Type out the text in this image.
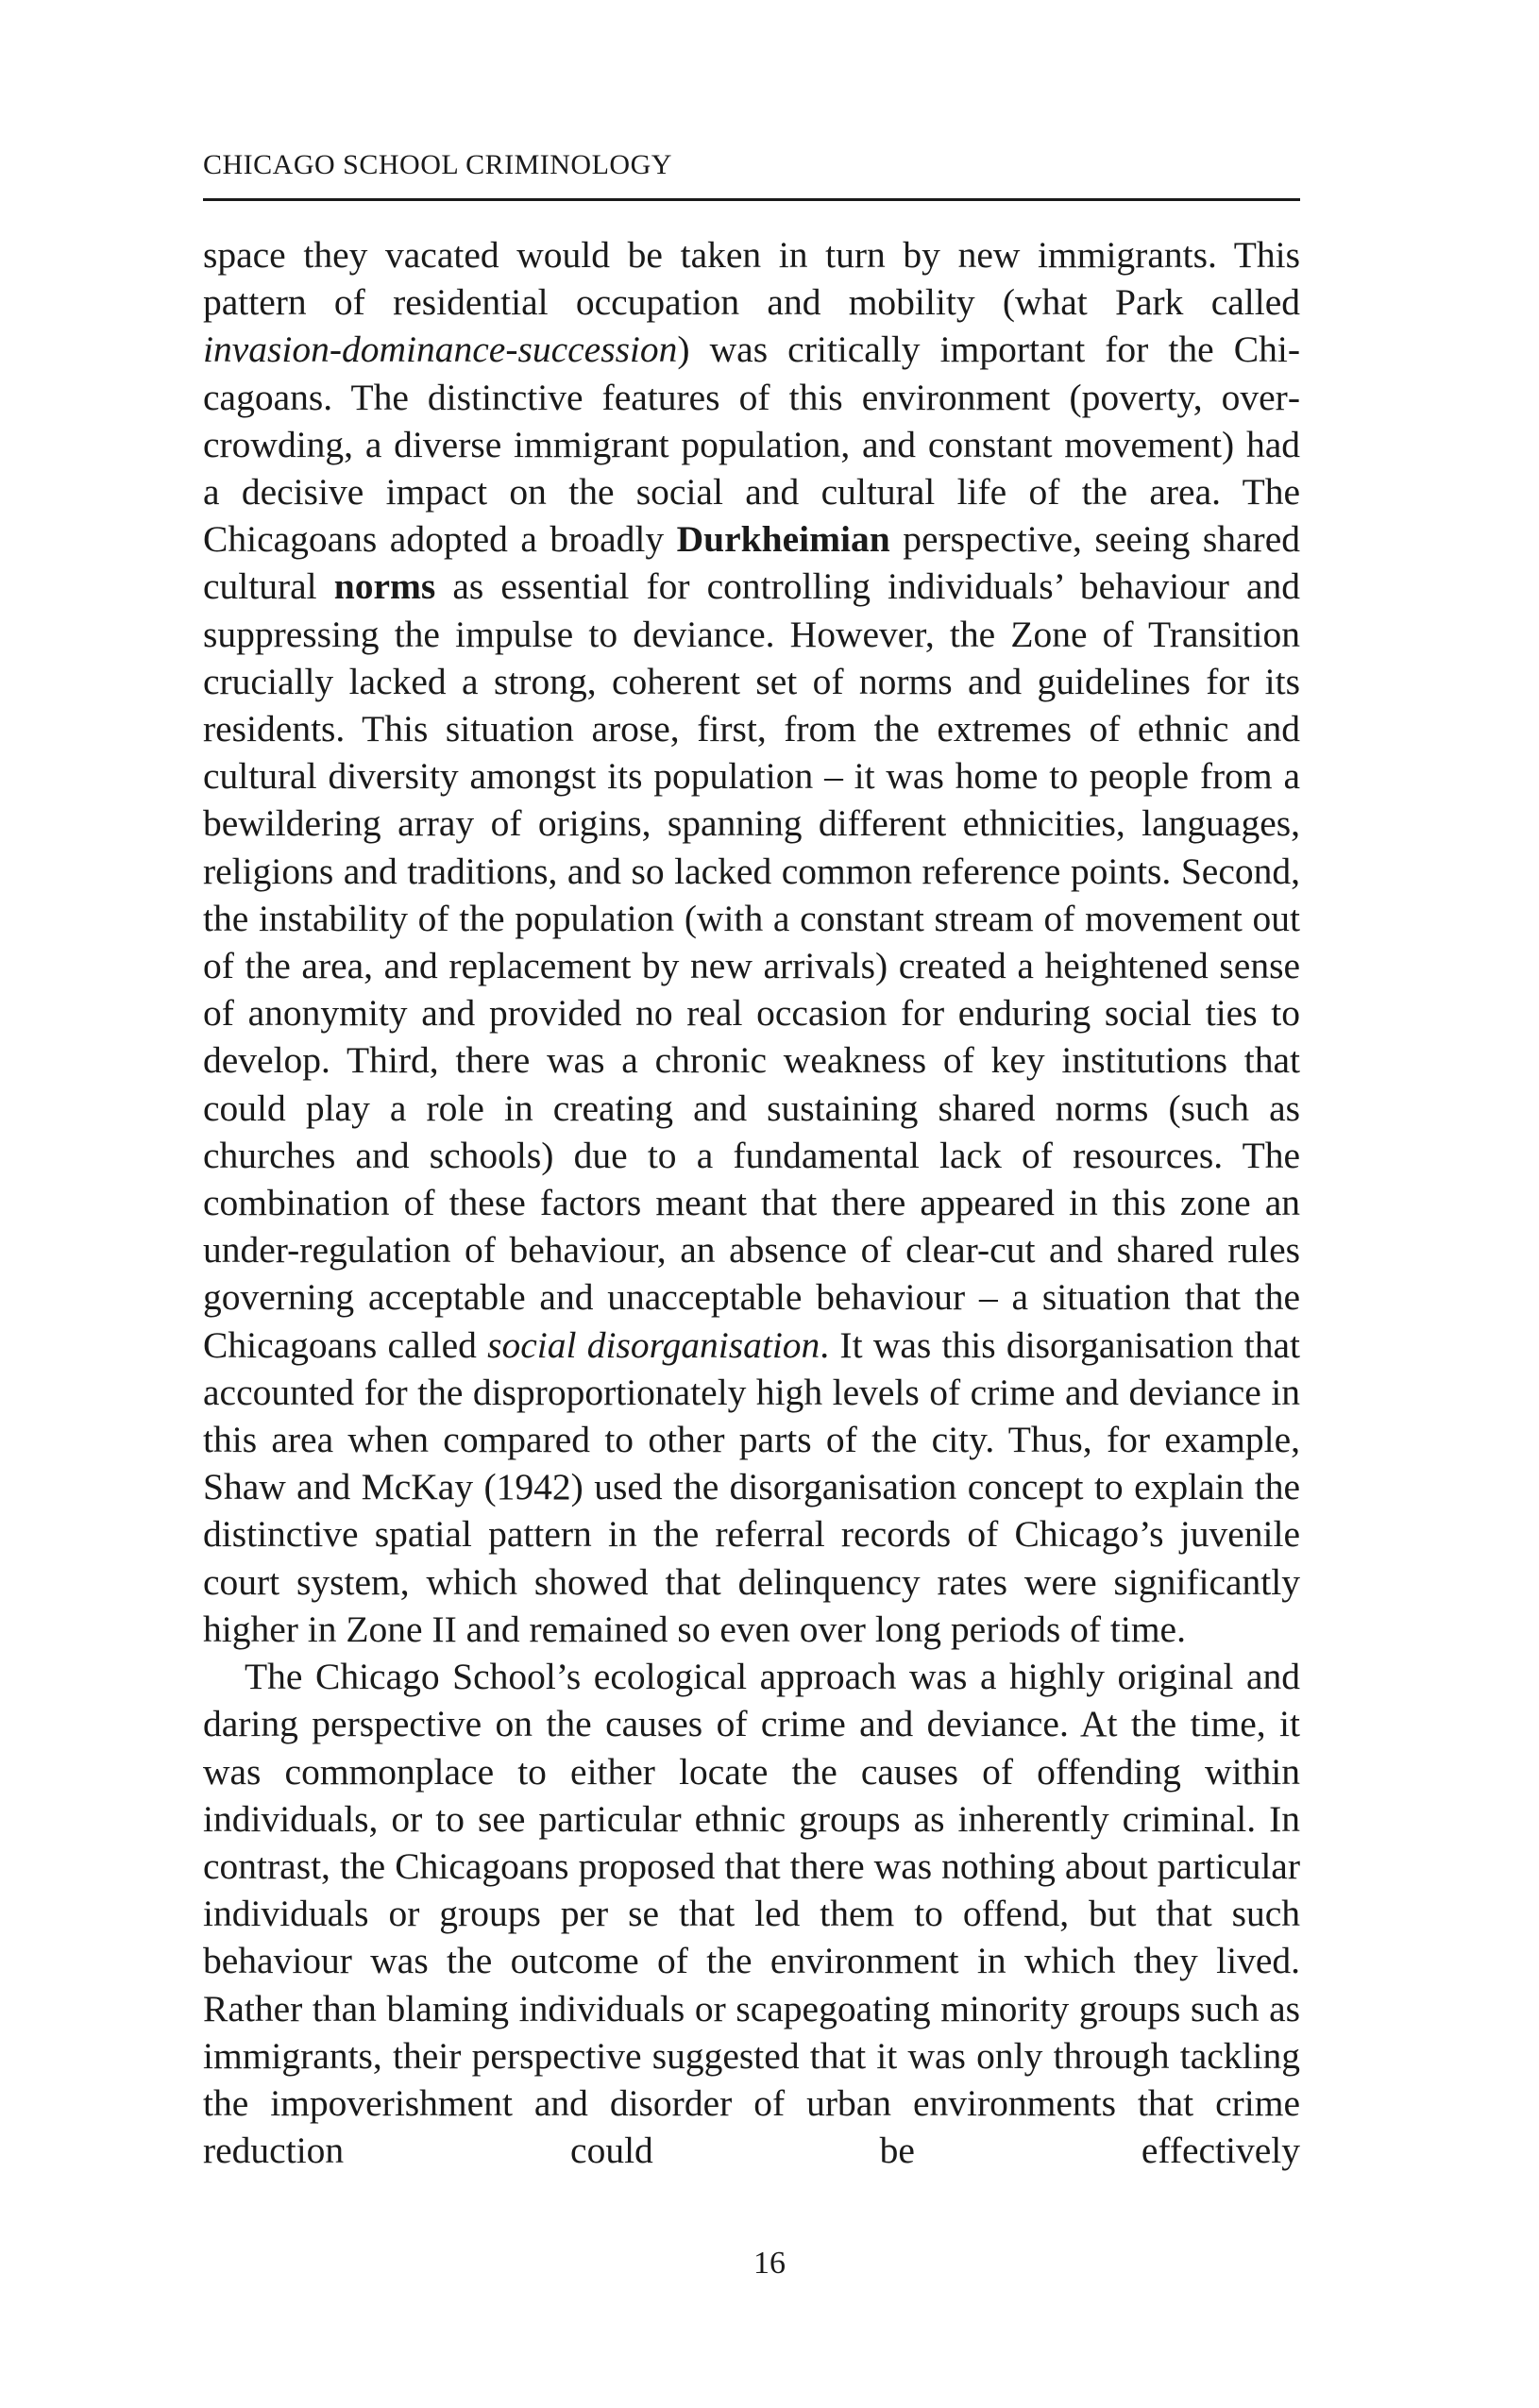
CHICAGO SCHOOL CRIMINOLOGY

space they vacated would be taken in turn by new immigrants. This pattern of residential occupation and mobility (what Park called invasion-dominance-succession) was critically important for the Chicagoans. The distinctive features of this environment (poverty, overcrowding, a diverse immigrant population, and constant movement) had a decisive impact on the social and cultural life of the area. The Chicagoans adopted a broadly Durkheimian perspective, seeing shared cultural norms as essential for controlling individuals’ behaviour and suppressing the impulse to deviance. However, the Zone of Transition crucially lacked a strong, coherent set of norms and guidelines for its residents. This situation arose, first, from the extremes of ethnic and cultural diversity amongst its population – it was home to people from a bewildering array of origins, spanning different ethnicities, languages, religions and traditions, and so lacked common reference points. Second, the instability of the population (with a constant stream of movement out of the area, and replacement by new arrivals) created a heightened sense of anonymity and provided no real occasion for enduring social ties to develop. Third, there was a chronic weakness of key institutions that could play a role in creating and sustaining shared norms (such as churches and schools) due to a fundamental lack of resources. The combination of these factors meant that there appeared in this zone an under-regulation of behaviour, an absence of clear-cut and shared rules governing acceptable and unacceptable behaviour – a situation that the Chicagoans called social disorganisation. It was this disorganisation that accounted for the disproportionately high levels of crime and deviance in this area when compared to other parts of the city. Thus, for example, Shaw and McKay (1942) used the disorganisation concept to explain the distinctive spatial pattern in the referral records of Chicago’s juvenile court system, which showed that delinquency rates were significantly higher in Zone II and remained so even over long periods of time.

The Chicago School’s ecological approach was a highly original and daring perspective on the causes of crime and deviance. At the time, it was commonplace to either locate the causes of offending within individuals, or to see particular ethnic groups as inherently criminal. In contrast, the Chicagoans proposed that there was nothing about particular individuals or groups per se that led them to offend, but that such behaviour was the outcome of the environment in which they lived. Rather than blaming individuals or scapegoating minority groups such as immigrants, their perspective suggested that it was only through tackling the impoverishment and disorder of urban environments that crime reduction could be effectively

16
